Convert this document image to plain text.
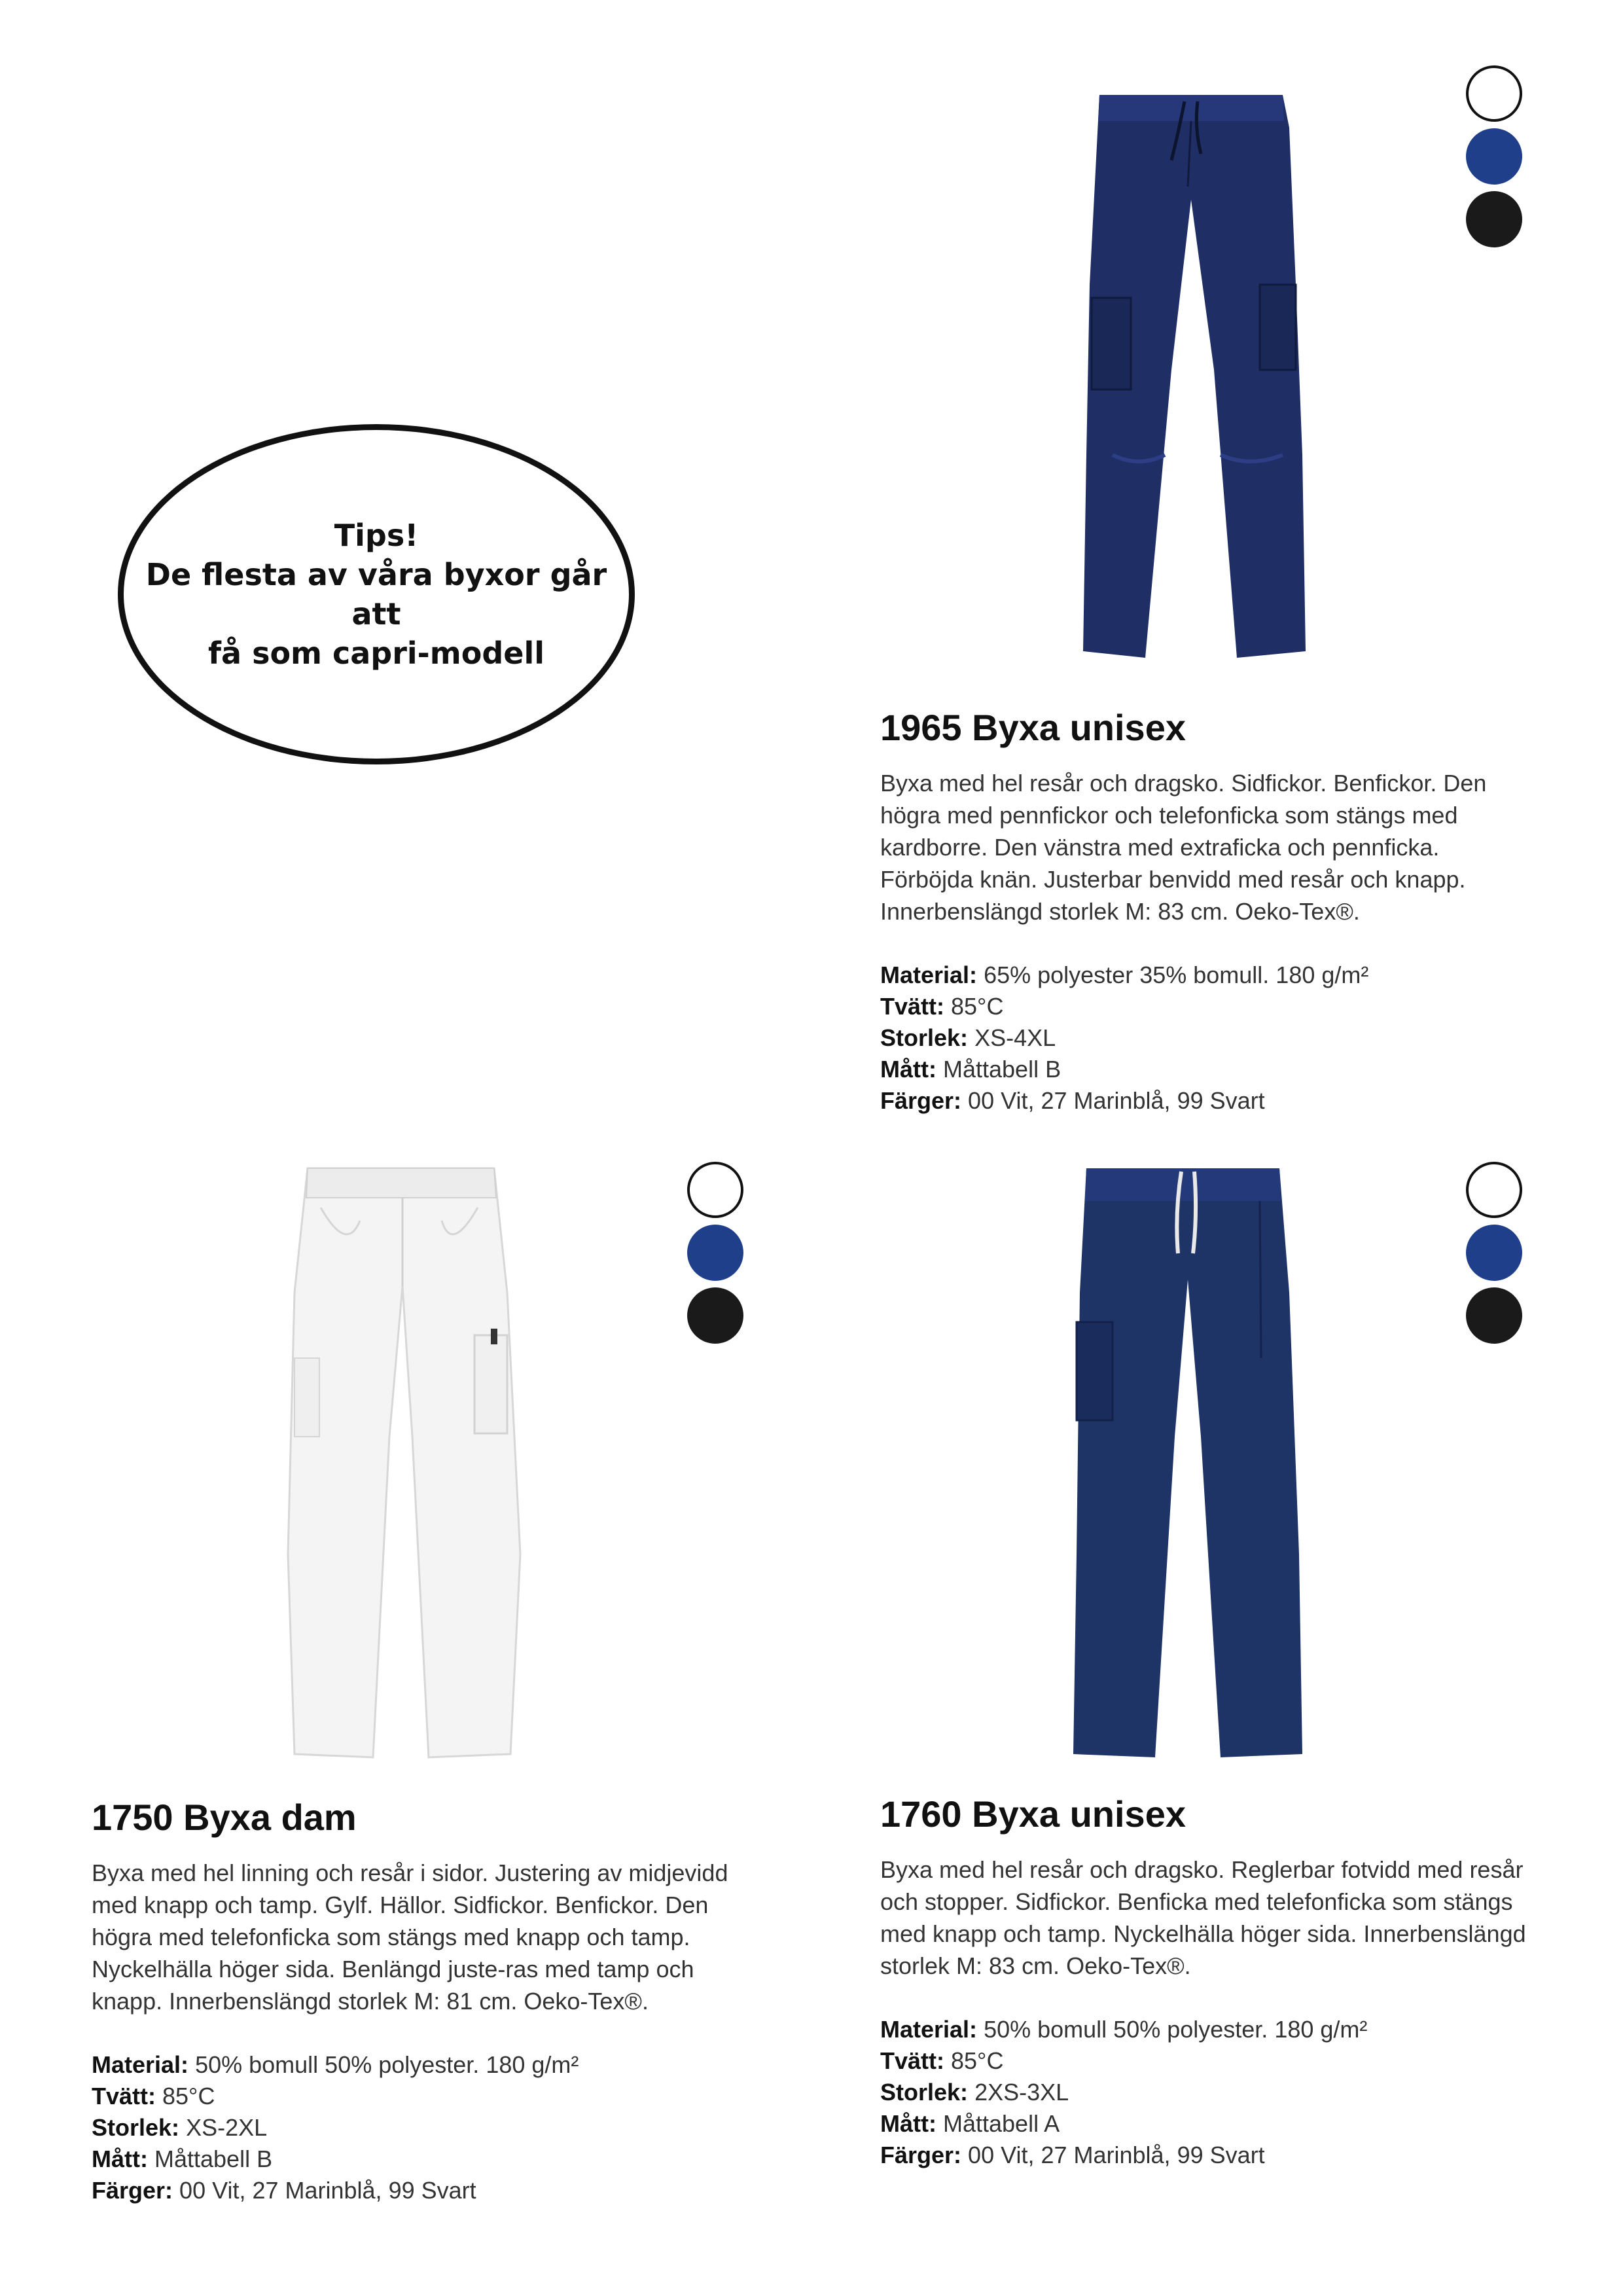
Tips!
De flesta av våra byxor går att
få som capri-modell
1965 Byxa unisex

Byxa med hel resår och dragsko. Sidfickor. Benfickor. Den högra med pennfickor och telefonficka som stängs med kardborre. Den vänstra med extraficka och pennficka. Förböjda knän. Justerbar benvidd med resår och knapp. Innerbenslängd storlek M: 83 cm. Oeko-Tex®.

Material: 65% polyester 35% bomull. 180 g/m²
Tvätt: 85°C
Storlek: XS-4XL
Mått: Måttabell B
Färger: 00 Vit, 27 Marinblå, 99 Svart
1750 Byxa dam

Byxa med hel linning och resår i sidor. Justering av midjevidd med knapp och tamp. Gylf. Hällor. Sidfickor. Benfickor. Den högra med telefonficka som stängs med knapp och tamp. Nyckelhälla höger sida. Benlängd juste-ras med tamp och knapp. Innerbenslängd storlek M: 81 cm. Oeko-Tex®.

Material: 50% bomull 50% polyester. 180 g/m²
Tvätt: 85°C
Storlek: XS-2XL
Mått: Måttabell B
Färger: 00 Vit, 27 Marinblå, 99 Svart
1760 Byxa unisex

Byxa med hel resår och dragsko. Reglerbar fotvidd med resår och stopper. Sidfickor. Benficka med telefonficka som stängs med knapp och tamp. Nyckelhälla höger sida. Innerbenslängd storlek M: 83 cm. Oeko-Tex®.

Material: 50% bomull 50% polyester. 180 g/m²
Tvätt: 85°C
Storlek: 2XS-3XL
Mått: Måttabell A
Färger: 00 Vit, 27 Marinblå, 99 Svart
